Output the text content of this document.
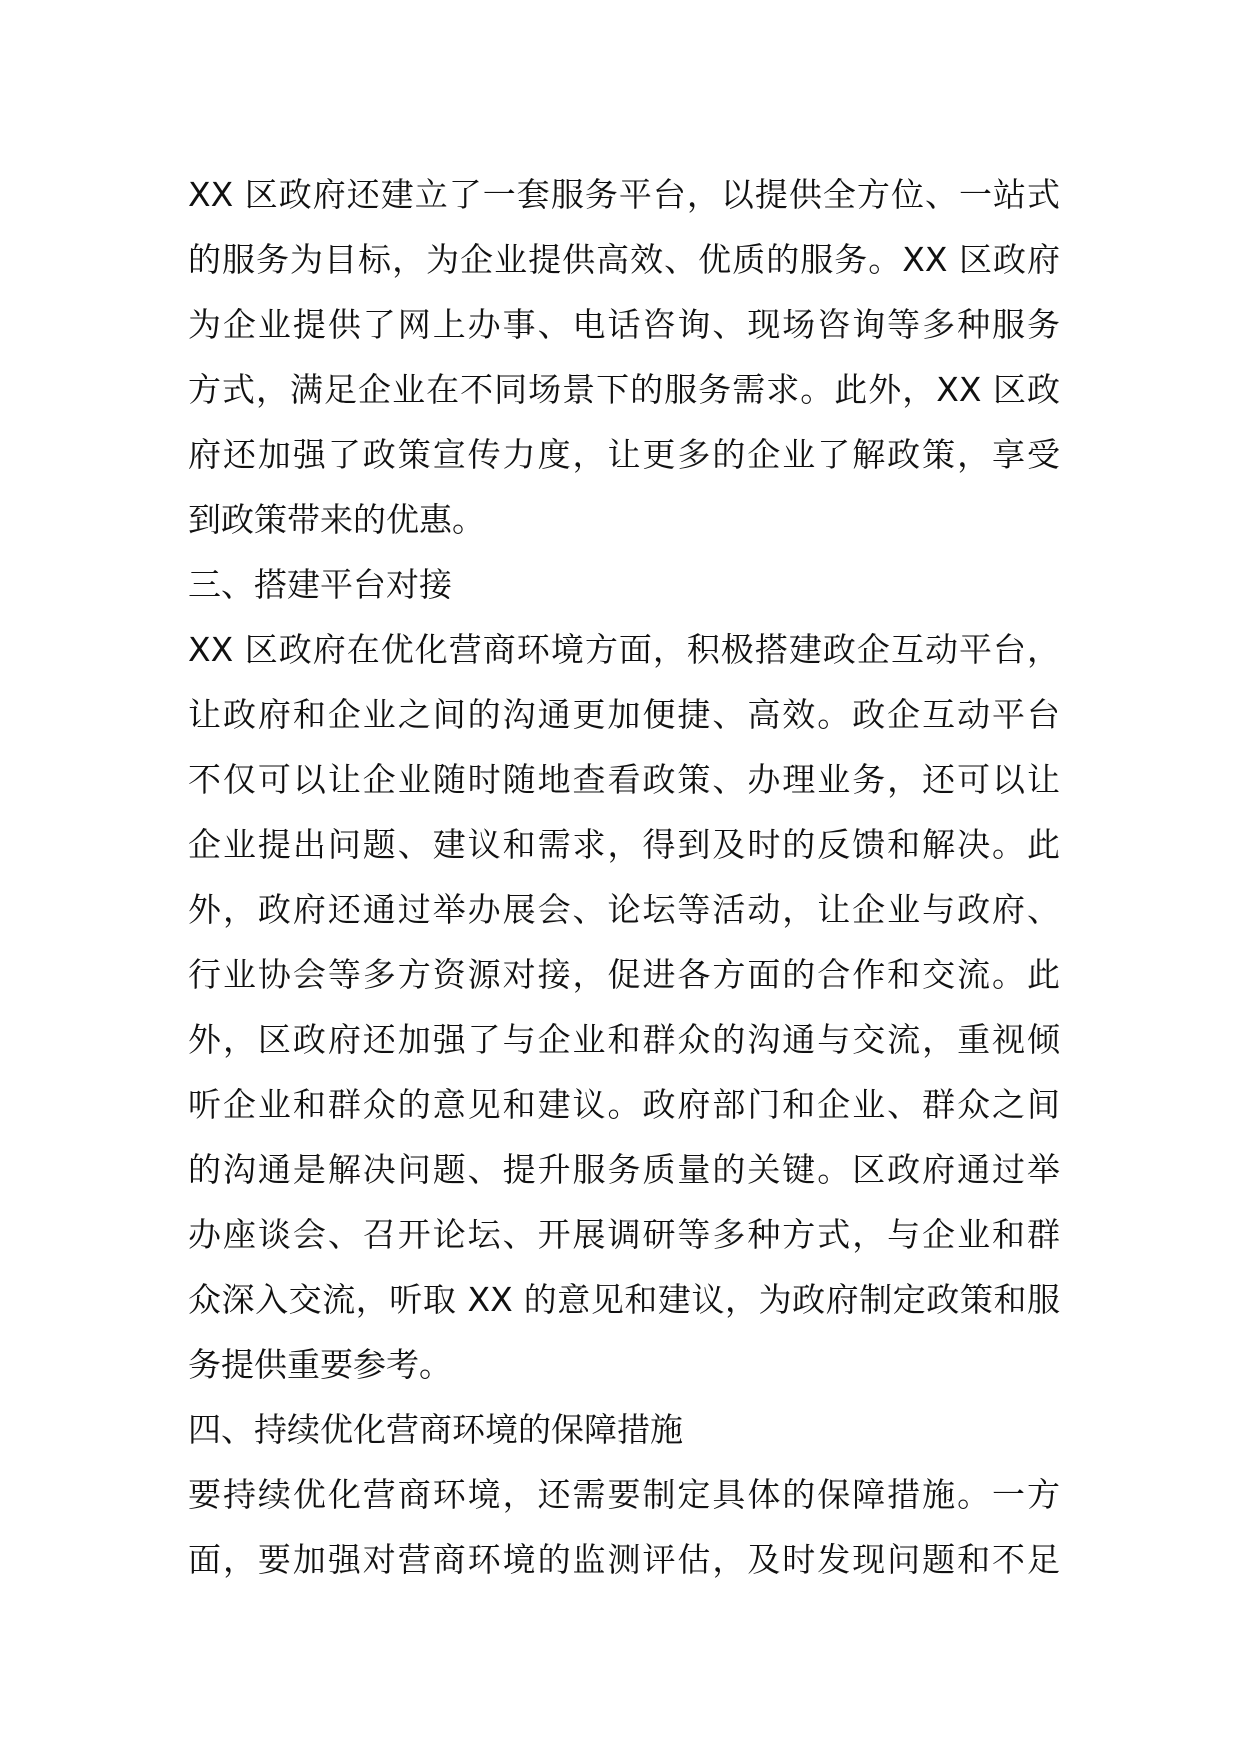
XX 区政府还建立了一套服务平台，以提供全方位、一站式
的服务为目标，为企业提供高效、优质的服务。XX 区政府
为企业提供了网上办事、电话咨询、现场咨询等多种服务
方式，满足企业在不同场景下的服务需求。此外，XX 区政
府还加强了政策宣传力度，让更多的企业了解政策，享受
到政策带来的优惠。
三、搭建平台对接
XX 区政府在优化营商环境方面，积极搭建政企互动平台，
让政府和企业之间的沟通更加便捷、高效。政企互动平台
不仅可以让企业随时随地查看政策、办理业务，还可以让
企业提出问题、建议和需求，得到及时的反馈和解决。此
外，政府还通过举办展会、论坛等活动，让企业与政府、
行业协会等多方资源对接，促进各方面的合作和交流。此
外，区政府还加强了与企业和群众的沟通与交流，重视倾
听企业和群众的意见和建议。政府部门和企业、群众之间
的沟通是解决问题、提升服务质量的关键。区政府通过举
办座谈会、召开论坛、开展调研等多种方式，与企业和群
众深入交流，听取 XX 的意见和建议，为政府制定政策和服
务提供重要参考。
四、持续优化营商环境的保障措施
要持续优化营商环境，还需要制定具体的保障措施。一方
面，要加强对营商环境的监测评估，及时发现问题和不足
